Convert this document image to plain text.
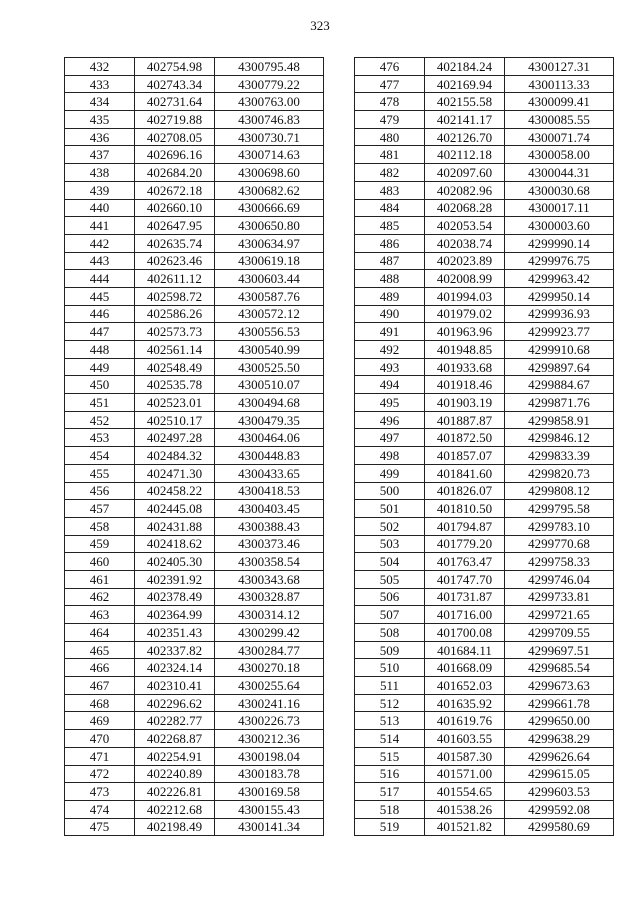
323
432	402754.98	4300795.48
433	402743.34	4300779.22
434	402731.64	4300763.00
435	402719.88	4300746.83
436	402708.05	4300730.71
437	402696.16	4300714.63
438	402684.20	4300698.60
439	402672.18	4300682.62
440	402660.10	4300666.69
441	402647.95	4300650.80
442	402635.74	4300634.97
443	402623.46	4300619.18
444	402611.12	4300603.44
445	402598.72	4300587.76
446	402586.26	4300572.12
447	402573.73	4300556.53
448	402561.14	4300540.99
449	402548.49	4300525.50
450	402535.78	4300510.07
451	402523.01	4300494.68
452	402510.17	4300479.35
453	402497.28	4300464.06
454	402484.32	4300448.83
455	402471.30	4300433.65
456	402458.22	4300418.53
457	402445.08	4300403.45
458	402431.88	4300388.43
459	402418.62	4300373.46
460	402405.30	4300358.54
461	402391.92	4300343.68
462	402378.49	4300328.87
463	402364.99	4300314.12
464	402351.43	4300299.42
465	402337.82	4300284.77
466	402324.14	4300270.18
467	402310.41	4300255.64
468	402296.62	4300241.16
469	402282.77	4300226.73
470	402268.87	4300212.36
471	402254.91	4300198.04
472	402240.89	4300183.78
473	402226.81	4300169.58
474	402212.68	4300155.43
475	402198.49	4300141.34
476	402184.24	4300127.31
477	402169.94	4300113.33
478	402155.58	4300099.41
479	402141.17	4300085.55
480	402126.70	4300071.74
481	402112.18	4300058.00
482	402097.60	4300044.31
483	402082.96	4300030.68
484	402068.28	4300017.11
485	402053.54	4300003.60
486	402038.74	4299990.14
487	402023.89	4299976.75
488	402008.99	4299963.42
489	401994.03	4299950.14
490	401979.02	4299936.93
491	401963.96	4299923.77
492	401948.85	4299910.68
493	401933.68	4299897.64
494	401918.46	4299884.67
495	401903.19	4299871.76
496	401887.87	4299858.91
497	401872.50	4299846.12
498	401857.07	4299833.39
499	401841.60	4299820.73
500	401826.07	4299808.12
501	401810.50	4299795.58
502	401794.87	4299783.10
503	401779.20	4299770.68
504	401763.47	4299758.33
505	401747.70	4299746.04
506	401731.87	4299733.81
507	401716.00	4299721.65
508	401700.08	4299709.55
509	401684.11	4299697.51
510	401668.09	4299685.54
511	401652.03	4299673.63
512	401635.92	4299661.78
513	401619.76	4299650.00
514	401603.55	4299638.29
515	401587.30	4299626.64
516	401571.00	4299615.05
517	401554.65	4299603.53
518	401538.26	4299592.08
519	401521.82	4299580.69
